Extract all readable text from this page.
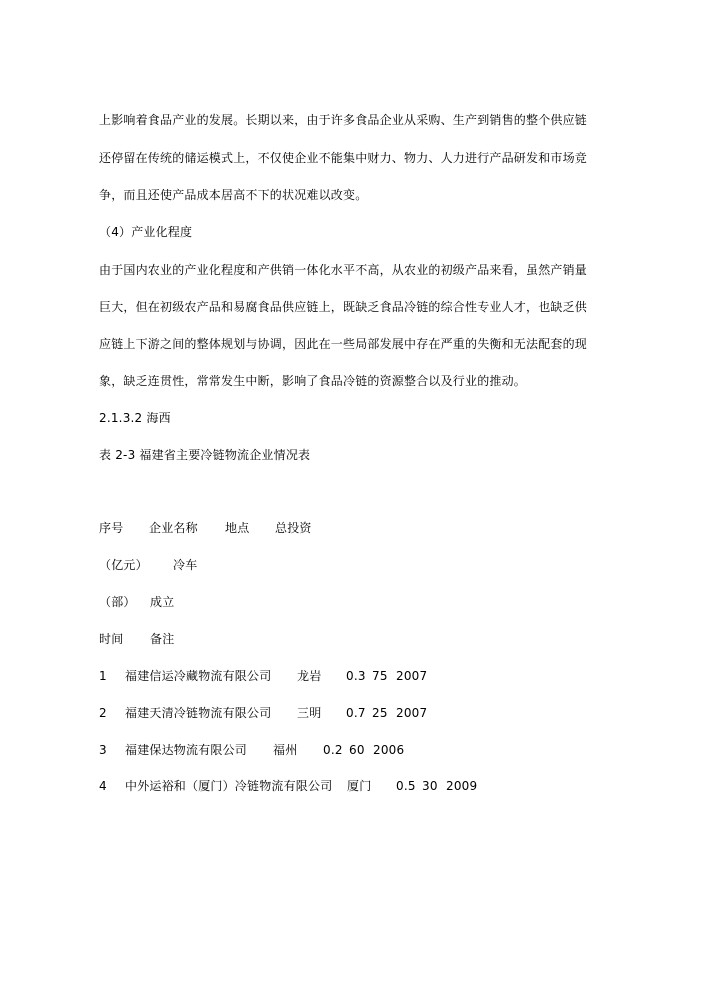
上影响着食品产业的发展。长期以来，由于许多食品企业从采购、生产到销售的整个供应链
还停留在传统的储运模式上，不仅使企业不能集中财力、物力、人力进行产品研发和市场竞
争，而且还使产品成本居高不下的状况难以改变。
（4）产业化程度
由于国内农业的产业化程度和产供销一体化水平不高，从农业的初级产品来看，虽然产销量
巨大，但在初级农产品和易腐食品供应链上，既缺乏食品冷链的综合性专业人才，也缺乏供
应链上下游之间的整体规划与协调，因此在一些局部发展中存在严重的失衡和无法配套的现
象，缺乏连贯性，常常发生中断，影响了食品冷链的资源整合以及行业的推动。
2.1.3.2 海西
表 2-3 福建省主要冷链物流企业情况表
序号 企业名称 地点 总投资
（亿元） 冷车
（部） 成立
时间 备注
1 福建信运冷藏物流有限公司 龙岩 0.3 75 2007
2 福建天清冷链物流有限公司 三明 0.7 25 2007
3 福建保达物流有限公司 福州 0.2 60 2006
4 中外运裕和（厦门）冷链物流有限公司 厦门 0.5 30 2009
